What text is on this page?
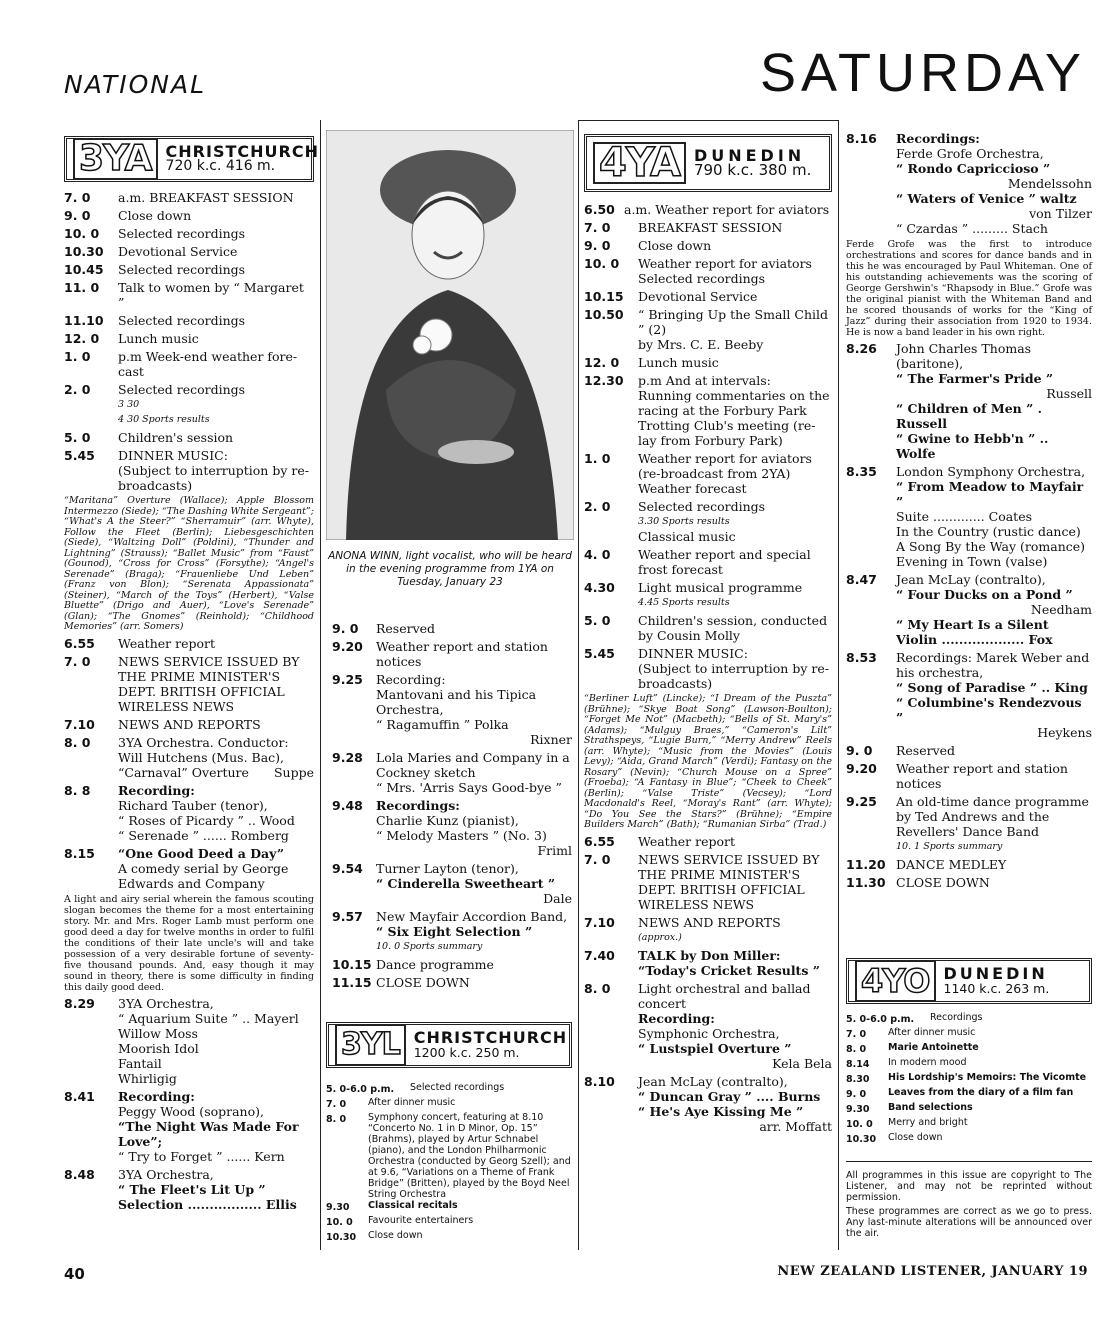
NATIONAL	SATURDAY
3YA CHRISTCHURCH
720 k.c. 416 m.
7. 0	a.m. BREAKFAST SESSION
9. 0	Close down
10. 0	Selected recordings
10.30	Devotional Service
10.45	Selected recordings
11. 0	Talk to women by “ Margaret ”
11.10	Selected recordings
12. 0	Lunch music
1. 0	p.m Week-end weather fore-cast
2. 0	Selected recordings
3 30
4 30 Sports results
5. 0	Children's session
5.45	DINNER MUSIC:
(Subject to interruption by re-broadcasts)
“Maritana” Overture (Wallace); Apple Blossom Intermezzo (Siede); “The Dashing White Sergeant”; “What's A the Steer?” “Sherramuir” (arr. Whyte), Follow the Fleet (Berlin); Liebesgeschichten (Siede), “Waltzing Doll” (Poldini), “Thunder and Lightning” (Strauss); “Ballet Music” from “Faust” (Gounod), “Cross for Cross” (Forsythe); “Angel's Serenade” (Braga); “Frauenliebe Und Leben” (Franz von Blon); “Serenata Appassionata” (Steiner), “March of the Toys” (Herbert), “Valse Bluette” (Drigo and Auer), “Love's Serenade” (Glan); “The Gnomes” (Reinhold); “Childhood Memories” (arr. Somers)
6.55	Weather report
7. 0	NEWS SERVICE ISSUED BY THE PRIME MINISTER'S DEPT. BRITISH OFFICIAL WIRELESS NEWS
7.10	NEWS AND REPORTS
8. 0	3YA Orchestra. Conductor: Will Hutchens (Mus. Bac),
“Carnaval” Overture Suppe
8. 8	Recording:
Richard Tauber (tenor),
“ Roses of Picardy ” .. Wood
“ Serenade ” ...... Romberg
8.15	“One Good Deed a Day”
A comedy serial by George Edwards and Company
A light and airy serial wherein the famous scouting slogan becomes the theme for a most entertaining story. Mr. and Mrs. Roger Lamb must perform one good deed a day for twelve months in order to fulfil the conditions of their late uncle's will and take possession of a very desirable fortune of seventy-five thousand pounds. And, easy though it may sound in theory, there is some difficulty in finding this daily good deed.
8.29	3YA Orchestra,
“ Aquarium Suite ” .. Mayerl
Willow Moss
Moorish Idol
Fantail
Whirligig
8.41	Recording:
Peggy Wood (soprano),
“The Night Was Made For Love”;
“ Try to Forget ” ...... Kern
8.48	3YA Orchestra,
“ The Fleet's Lit Up ” Selection ................. Ellis
ANONA WINN, light vocalist, who will be heard in the evening programme from 1YA on Tuesday, January 23
9. 0	Reserved
9.20	Weather report and station notices
9.25	Recording:
Mantovani and his Tipica Orchestra,
“ Ragamuffin ” Polka
Rixner
9.28	Lola Maries and Company in a Cockney sketch
“ Mrs. 'Arris Says Good-bye ”
9.48	Recordings:
Charlie Kunz (pianist),
“ Melody Masters ” (No. 3)
Friml
9.54	Turner Layton (tenor),
“ Cinderella Sweetheart ”
Dale
9.57	New Mayfair Accordion Band,
“ Six Eight Selection ”
10. 0 Sports summary
10.15 Dance programme
11.15 CLOSE DOWN
3YL CHRISTCHURCH
1200 k.c. 250 m.
5. 0-6.0 p.m.	Selected recordings
7. 0	After dinner music
8. 0	Symphony concert, featuring at 8.10 “Concerto No. 1 in D Minor, Op. 15” (Brahms), played by Artur Schnabel (piano), and the London Philharmonic Orchestra (conducted by Georg Szell); and at 9.6, “Variations on a Theme of Frank Bridge” (Britten), played by the Boyd Neel String Orchestra
9.30	Classical recitals
10. 0	Favourite entertainers
10.30	Close down
4YA DUNEDIN
790 k.c. 380 m.
6.50 a.m. Weather report for aviators
7. 0	BREAKFAST SESSION
9. 0	Close down
10. 0	Weather report for aviators
Selected recordings
10.15	Devotional Service
10.50	“ Bringing Up the Small Child ” (2)
by Mrs. C. E. Beeby
12. 0	Lunch music
12.30	p.m And at intervals:
Running commentaries on the racing at the Forbury Park Trotting Club's meeting (re-lay from Forbury Park)
1. 0	Weather report for aviators
(re-broadcast from 2YA)
Weather forecast
2. 0	Selected recordings
3.30 Sports results
Classical music
4. 0	Weather report and special frost forecast
4.30	Light musical programme
4.45 Sports results
5. 0	Children's session, conducted by Cousin Molly
5.45	DINNER MUSIC:
(Subject to interruption by re-broadcasts)
“Berliner Luft” (Lincke); “I Dream of the Puszta” (Brühne); “Skye Boat Song” (Lawson-Boulton); “Forget Me Not” (Macbeth); “Bells of St. Mary's” (Adams); “Mulguy Braes,” “Cameron's Lilt” Strathspeys, “Lugie Burn,” “Merry Andrew” Reels (arr. Whyte); “Music from the Movies” (Louis Levy); “Aida, Grand March” (Verdi); Fantasy on the Rosary” (Nevin); “Church Mouse on a Spree” (Froeba); “A Fantasy in Blue”; “Cheek to Cheek” (Berlin); “Valse Triste” (Vecsey); “Lord Macdonald's Reel, “Moray's Rant” (arr. Whyte); “Do You See the Stars?” (Brühne); “Empire Builders March” (Bath); “Rumanian Sirba” (Trad.)
6.55	Weather report
7. 0	NEWS SERVICE ISSUED BY THE PRIME MINISTER'S DEPT. BRITISH OFFICIAL WIRELESS NEWS
7.10	NEWS AND REPORTS
(approx.)
7.40	TALK by Don Miller: “Today's Cricket Results ”
8. 0	Light orchestral and ballad concert
Recording:
Symphonic Orchestra,
“ Lustspiel Overture ”
Kela Bela
8.10	Jean McLay (contralto),
“ Duncan Gray ” .... Burns
“ He's Aye Kissing Me ”
arr. Moffatt
8.16	Recordings:
Ferde Grofe Orchestra,
“ Rondo Capriccioso ”
Mendelssohn
“ Waters of Venice ” waltz
von Tilzer
“ Czardas ” ......... Stach
Ferde Grofe was the first to introduce orchestrations and scores for dance bands and in this he was encouraged by Paul Whiteman. One of his outstanding achievements was the scoring of George Gershwin's “Rhapsody in Blue.” Grofe was the original pianist with the Whiteman Band and he scored thousands of works for the “King of Jazz” during their association from 1920 to 1934. He is now a band leader in his own right.
8.26	John Charles Thomas (baritone),
“ The Farmer's Pride ”
Russell
“ Children of Men ” . Russell
“ Gwine to Hebb'n ” .. Wolfe
8.35	London Symphony Orchestra,
“ From Meadow to Mayfair ”
Suite ............. Coates
In the Country (rustic dance)
A Song By the Way (romance)
Evening in Town (valse)
8.47	Jean McLay (contralto),
“ Four Ducks on a Pond ”
Needham
“ My Heart Is a Silent Violin ................... Fox
8.53	Recordings: Marek Weber and his orchestra,
“ Song of Paradise ” .. King
“ Columbine's Rendezvous ”
Heykens
9. 0	Reserved
9.20	Weather report and station notices
9.25	An old-time dance programme by Ted Andrews and the Revellers' Dance Band
10. 1 Sports summary
11.20 DANCE MEDLEY
11.30 CLOSE DOWN
4YO DUNEDIN
1140 k.c. 263 m.
5. 0-6.0 p.m.	Recordings
7. 0	After dinner music
8. 0	Marie Antoinette
8.14	In modern mood
8.30	His Lordship's Memoirs: The Vicomte
9. 0	Leaves from the diary of a film fan
9.30	Band selections
10. 0	Merry and bright
10.30	Close down
All programmes in this issue are copyright to The Listener, and may not be reprinted without permission.
These programmes are correct as we go to press. Any last-minute alterations will be announced over the air.
40	NEW ZEALAND LISTENER, JANUARY 19
